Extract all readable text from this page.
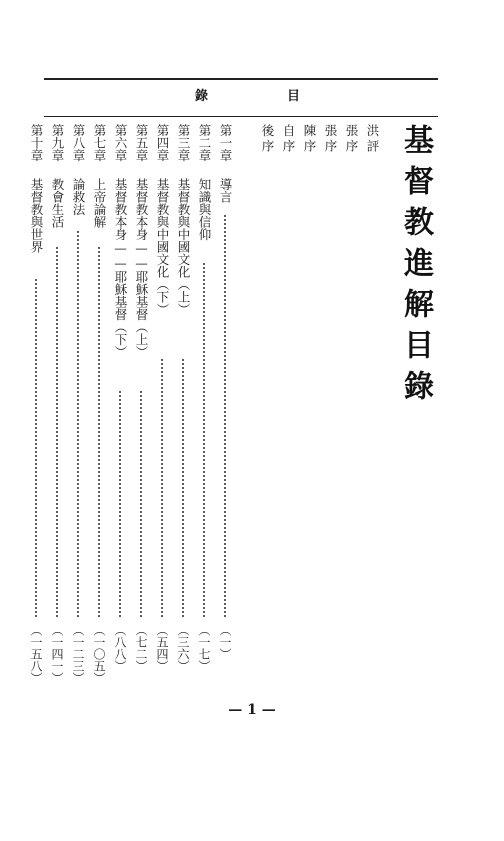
錄	目
基督教進解目錄
洪評
張序
張序
陳序
自序
後序
第一章
導言
（一）
第二章
知識與信仰
（一七）
第三章
基督教與中國文化（上）
（三六）
第四章
基督教與中國文化（下）
（五四）
第五章
基督教本身——耶穌基督（上）
（七二）
第六章
基督教本身——耶穌基督（下）
（八八）
第七章
上帝論解
（一〇五）
第八章
論救法
（一二三）
第九章
教會生活
（一四一）
第十章
基督教與世界
（一五八）
— 1 —
